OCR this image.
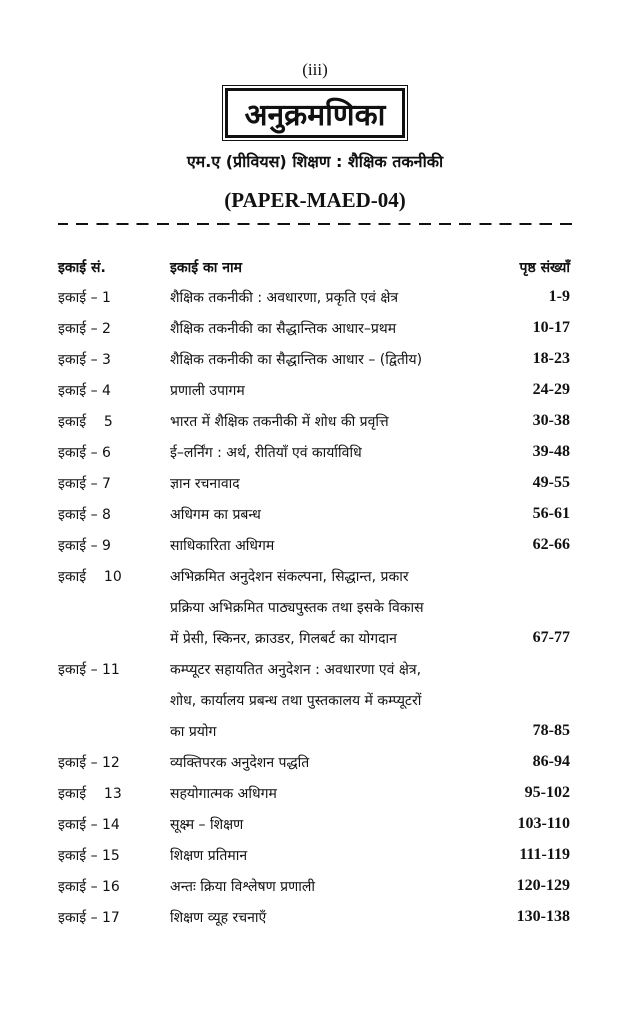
(iii)
अनुक्रमणिका
एम.ए (प्रीवियस) शिक्षण : शैक्षिक तकनीकी
(PAPER-MAED-04)
इकाई सं.	इकाई का नाम	पृष्ठ संख्याँ
इकाई – 1	शैक्षिक तकनीकी : अवधारणा, प्रकृति एवं क्षेत्र	1-9
इकाई – 2	शैक्षिक तकनीकी का सैद्धान्तिक आधार–प्रथम	10-17
इकाई – 3	शैक्षिक तकनीकी का सैद्धान्तिक आधार – (द्वितीय)	18-23
इकाई – 4	प्रणाली उपागम	24-29
इकाई    5	भारत में शैक्षिक तकनीकी में शोध की प्रवृत्ति	30-38
इकाई – 6	ई–लर्निंग : अर्थ, रीतियाँ एवं कार्याविधि	39-48
इकाई – 7	ज्ञान रचनावाद	49-55
इकाई – 8	अधिगम का प्रबन्ध	56-61
इकाई – 9	साधिकारिता अधिगम	62-66
इकाई    10	अभिक्रमित अनुदेशन संकल्पना, सिद्धान्त, प्रकार
प्रक्रिया अभिक्रमित पाठ्यपुस्तक तथा इसके विकास
में प्रेसी, स्किनर, क्राउडर, गिलबर्ट का योगदान	67-77
इकाई – 11	कम्प्यूटर सहायतित अनुदेशन : अवधारणा एवं क्षेत्र,
शोध, कार्यालय प्रबन्ध तथा पुस्तकालय में कम्प्यूटरों
का प्रयोग	78-85
इकाई – 12	व्यक्तिपरक अनुदेशन पद्धति	86-94
इकाई    13	सहयोगात्मक अधिगम	95-102
इकाई – 14	सूक्ष्म – शिक्षण	103-110
इकाई – 15	शिक्षण प्रतिमान	111-119
इकाई – 16	अन्तः क्रिया विश्लेषण प्रणाली	120-129
इकाई – 17	शिक्षण व्यूह रचनाएँ	130-138
